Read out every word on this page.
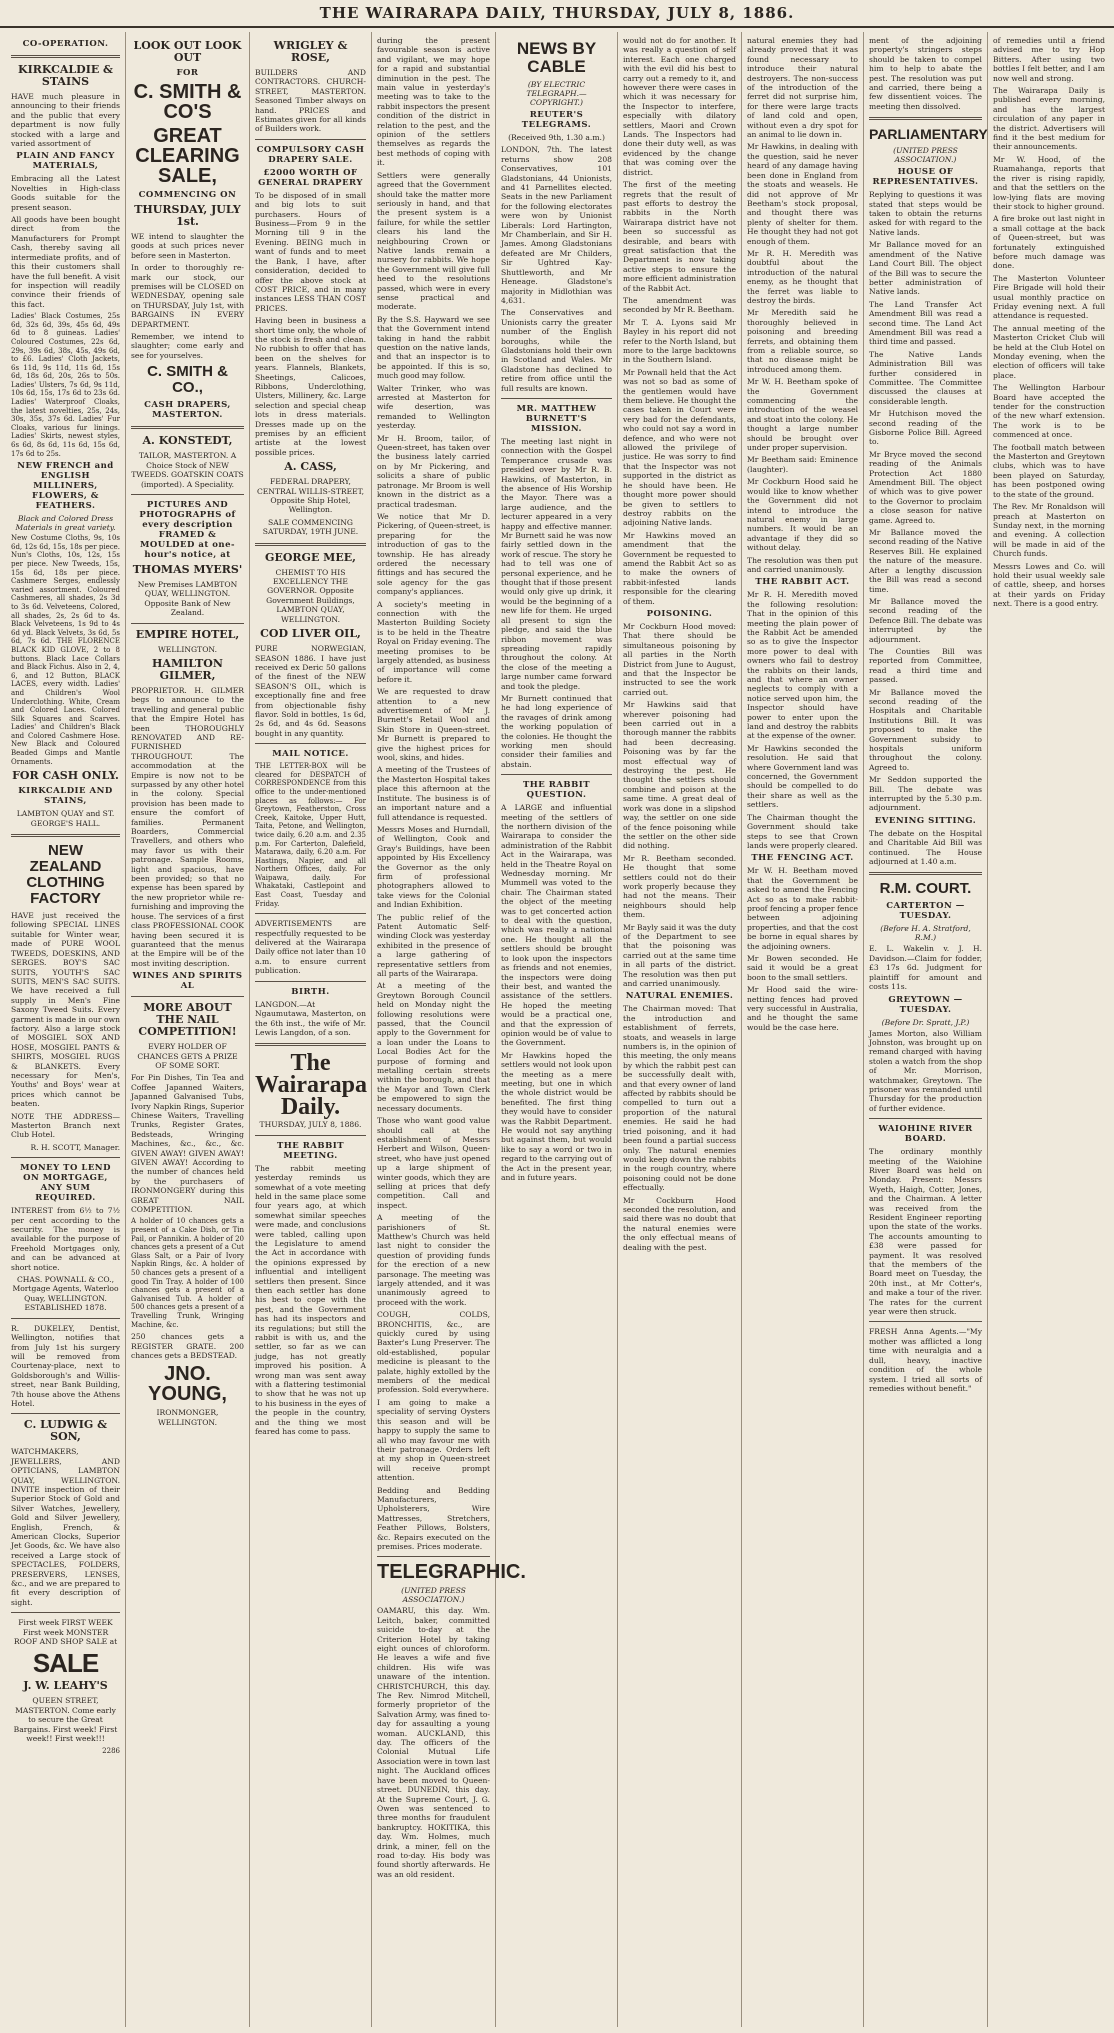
THE WAIRARAPA DAILY, THURSDAY, JULY 8, 1886.
CO-OPERATION.
KIRKCALDIE & STAINS

HAVE much pleasure in announcing to their friends and the public that every department is now fully stocked with a large and varied assortment of

PLAIN AND FANCY MATERIALS,

Embracing all the Latest Novelties in High-class Goods suitable for the present season.

All goods have been bought direct from the Manufacturers for Prompt Cash, thereby saving all intermediate profits, and of this their customers shall have the full benefit. A visit for inspection will readily convince their friends of this fact.

Ladies' Black Costumes, 25s 6d, 32s 6d, 39s, 45s 6d, 49s 6d to 8 guineas. Ladies' Coloured Costumes, 22s 6d, 29s, 39s 6d, 38s, 45s, 49s 6d, to £6. Ladies' Cloth Jackets, 6s 11d, 9s 11d, 11s 6d, 15s 6d, 18s 6d, 20s, 26s to 50s. Ladies' Ulsters, 7s 6d, 9s 11d, 10s 6d, 15s, 17s 6d to 23s 6d. Ladies' Waterproof Cloaks, the latest novelties, 25s, 24s, 30s, 35s, 37s 6d. Ladies' Fur Cloaks, various fur linings. Ladies' Skirts, newest styles, 6s 6d, 8s 6d, 11s 6d, 15s 6d, 17s 6d to 25s.

NEW FRENCH and ENGLISH MILLINERS, FLOWERS, & FEATHERS.
Black and Colored Dress Materials in great variety.

New Costume Cloths, 9s, 10s 6d, 12s 6d, 15s, 18s per piece. Nun's Cloths, 10s, 12s, 15s per piece. New Tweeds, 15s, 15s 6d, 18s per piece. Cashmere Serges, endlessly varied assortment. Coloured Cashmeres, all shades, 2s 3d to 3s 6d. Velveteens, Colored, all shades, 2s, 2s 6d to 4s. Black Velveteens, 1s 9d to 4s 6d yd. Black Velvets, 3s 6d, 5s 6d, 7s 6d. THE FLORENCE BLACK KID GLOVE, 2 to 8 buttons. Black Lace Collars and Black Fichus. Also in 2, 4, 6, and 12 Button, BLACK LACES, every width. Ladies' and Children's Wool Underclothing. White, Cream and Colored Laces. Colored Silk Squares and Scarves. Ladies' and Children's Black and Colored Cashmere Hose. New Black and Coloured Beaded Gimps and Mantle Ornaments.

FOR CASH ONLY.
KIRKCALDIE AND STAINS,

LAMBTON QUAY and ST. GEORGE'S HALL.

NEW ZEALAND CLOTHING FACTORY

HAVE just received the following SPECIAL LINES suitable for Winter wear, made of PURE WOOL TWEEDS, DOESKINS, AND SERGES. BOY'S SAC SUITS, YOUTH'S SAC SUITS, MEN'S SAC SUITS. We have received a full supply in Men's Fine Saxony Tweed Suits. Every garment is made in our own factory. Also a large stock of MOSGIEL SOX AND HOSE, MOSGIEL PANTS & SHIRTS, MOSGIEL RUGS & BLANKETS. Every necessary for Men's, Youths' and Boys' wear at prices which cannot be beaten.

NOTE THE ADDRESS— Masterton Branch next Club Hotel.

R. H. SCOTT, Manager.

MONEY TO LEND ON MORTGAGE, ANY SUM REQUIRED.

INTEREST from 6½ to 7½ per cent according to the security. The money is available for the purpose of Freehold Mortgages only, and can be advanced at short notice.

CHAS. POWNALL & CO., Mortgage Agents, Waterloo Quay, WELLINGTON. ESTABLISHED 1878.

R. DUKELEY, Dentist, Wellington, notifies that from July 1st his surgery will be removed from Courtenay-place, next to Goldsborough's and Willis-street, near Bank Building, 7th house above the Athens Hotel.

C. LUDWIG & SON,

WATCHMAKERS, JEWELLERS, AND OPTICIANS, LAMBTON QUAY, WELLINGTON. INVITE inspection of their Superior Stock of Gold and Silver Watches, Jewellery, Gold and Silver Jewellery, English, French, & American Clocks, Superior Jet Goods, &c. We have also received a Large stock of SPECTACLES, FOLDERS, PRESERVERS, LENSES, &c., and we are prepared to fit every description of sight.

First week FIRST WEEK First week MONSTER ROOF AND SHOP SALE at

SALE
J. W. LEAHY'S

QUEEN STREET, MASTERTON. Come early to secure the Great Bargains. First week! First week!! First week!!!

2286
LOOK OUT LOOK OUT
FOR
C. SMITH & CO'S
GREAT CLEARING SALE,
COMMENCING ON
THURSDAY, JULY 1st.

WE intend to slaughter the goods at such prices never before seen in Masterton.

In order to thoroughly re-mark our stock, our premises will be CLOSED on WEDNESDAY, opening sale on THURSDAY, July 1st, with BARGAINS IN EVERY DEPARTMENT.

Remember, we intend to slaughter; come early and see for yourselves.

C. SMITH & CO.,
CASH DRAPERS, MASTERTON.
A. KONSTEDT,

TAILOR, MASTERTON. A Choice Stock of NEW TWEEDS. GOATSKIN COATS (imported). A Speciality.

PICTURES AND PHOTOGRAPHS of every description FRAMED & MOULDED at one-hour's notice, at
THOMAS MYERS'

New Premises LAMBTON QUAY, WELLINGTON. Opposite Bank of New Zealand.

EMPIRE HOTEL,

WELLINGTON.

HAMILTON GILMER,

PROPRIETOR. H. GILMER begs to announce to the travelling and general public that the Empire Hotel has been THOROUGHLY RENOVATED AND RE-FURNISHED THROUGHOUT. The accommodation at the Empire is now not to be surpassed by any other hotel in the colony. Special provision has been made to ensure the comfort of families. Permanent Boarders, Commercial Travellers, and others who may favor us with their patronage. Sample Rooms, light and spacious, have been provided; so that no expense has been spared by the new proprietor while re-furnishing and improving the house. The services of a first class PROFESSIONAL COOK having been secured it is guaranteed that the menus at the Empire will be of the most inviting description.

WINES AND SPIRITS AL
MORE ABOUT THE NAIL COMPETITION!

EVERY HOLDER OF CHANCES GETS A PRIZE OF SOME SORT.

For Pin Dishes, Tin Tea and Coffee Japanned Waiters, Japanned Galvanised Tubs, Ivory Napkin Rings, Superior Chinese Waiters, Travelling Trunks, Register Grates, Bedsteads, Wringing Machines, &c., &c., &c. GIVEN AWAY! GIVEN AWAY! GIVEN AWAY! According to the number of chances held by the purchasers of IRONMONGERY during this GREAT NAIL COMPETITION.

A holder of 10 chances gets a present of a Cake Dish, or Tin Pail, or Pannikin. A holder of 20 chances gets a present of a Cut Glass Salt, or a Pair of Ivory Napkin Rings, &c. A holder of 50 chances gets a present of a good Tin Tray. A holder of 100 chances gets a present of a Galvanised Tub. A holder of 500 chances gets a present of a Travelling Trunk, Wringing Machine, &c.

250 chances gets a REGISTER GRATE. 200 chances gets a BEDSTEAD.

JNO. YOUNG,

IRONMONGER, WELLINGTON.

WRIGLEY & ROSE,

BUILDERS AND CONTRACTORS. CHURCH-STREET, MASTERTON. Seasoned Timber always on hand. PRICES and Estimates given for all kinds of Builders work.

COMPULSORY CASH DRAPERY SALE.
£2000 WORTH OF GENERAL DRAPERY

To be disposed of in small and big lots to suit purchasers. Hours of Business—From 9 in the Morning till 9 in the Evening. BEING much in want of funds and to meet the Bank, I have, after consideration, decided to offer the above stock at COST PRICE, and in many instances LESS THAN COST PRICES.

Having been in business a short time only, the whole of the stock is fresh and clean. No rubbish to offer that has been on the shelves for years. Flannels, Blankets, Sheetings, Calicoes, Ribbons, Underclothing, Ulsters, Millinery, &c. Large selection and special cheap lots in dress materials. Dresses made up on the premises by an efficient artiste at the lowest possible prices.

A. CASS,

FEDERAL DRAPERY, CENTRAL WILLIS-STREET, Opposite Ship Hotel, Wellington.

SALE COMMENCING SATURDAY, 19TH JUNE.

GEORGE MEE,

CHEMIST TO HIS EXCELLENCY THE GOVERNOR. Opposite Government Buildings, LAMBTON QUAY, WELLINGTON.

COD LIVER OIL,

PURE NORWEGIAN, SEASON 1886. I have just received ex Deric 50 gallons of the finest of the NEW SEASON'S OIL, which is exceptionally fine and free from objectionable fishy flavor. Sold in bottles, 1s 6d, 2s 6d, and 4s 6d. Seasons bought in any quantity.

MAIL NOTICE.

THE LETTER-BOX will be cleared for DESPATCH of CORRESPONDENCE from this office to the under-mentioned places as follows:— For Greytown, Featherston, Cross Creek, Kaitoke, Upper Hutt, Taita, Petone, and Wellington, twice daily, 6.20 a.m. and 2.35 p.m. For Carterton, Dalefield, Matarawa, daily, 6.20 a.m. For Hastings, Napier, and all Northern Offices, daily. For Waipawa, daily. For Whakataki, Castlepoint and East Coast, Tuesday and Friday.

ADVERTISEMENTS are respectfully requested to be delivered at the Wairarapa Daily office not later than 10 a.m. to ensure current publication.

BIRTH.

LANGDON.—At Ngaumutawa, Masterton, on the 6th inst., the wife of Mr. Lewis Langdon, of a son.

The Wairarapa Daily.

THURSDAY, JULY 8, 1886.

THE RABBIT MEETING.

The rabbit meeting yesterday reminds us somewhat of a vote meeting held in the same place some four years ago, at which somewhat similar speeches were made, and conclusions were tabled, calling upon the Legislature to amend the Act in accordance with the opinions expressed by influential and intelligent settlers then present. Since then each settler has done his best to cope with the pest, and the Government has had its inspectors and its regulations; but still the rabbit is with us, and the settler, so far as we can judge, has not greatly improved his position. A wrong man was sent away with a flattering testimonial to show that he was not up to his business in the eyes of the people in the country, and the thing we most feared has come to pass.

during the present favourable season is active and vigilant, we may hope for a rapid and substantial diminution in the pest. The main value in yesterday's meeting was to take to the rabbit inspectors the present condition of the district in relation to the pest, and the opinion of the settlers themselves as regards the best methods of coping with it.

Settlers were generally agreed that the Government should take the matter more seriously in hand, and that the present system is a failure, for while the settler clears his land the neighbouring Crown or Native lands remain a nursery for rabbits. We hope the Government will give full heed to the resolutions passed, which were in every sense practical and moderate.

By the S.S. Hayward we see that the Government intend taking in hand the rabbit question on the native lands, and that an inspector is to be appointed. If this is so, much good may follow.

Walter Trinker, who was arrested at Masterton for wife desertion, was remanded to Wellington yesterday.

Mr H. Broom, tailor, of Queen-street, has taken over the business lately carried on by Mr Pickering, and solicits a share of public patronage. Mr Broom is well known in the district as a practical tradesman.

We notice that Mr D. Pickering, of Queen-street, is preparing for the introduction of gas to the township. He has already ordered the necessary fittings and has secured the sole agency for the gas company's appliances.

A society's meeting in connection with the Masterton Building Society is to be held in the Theatre Royal on Friday evening. The meeting promises to be largely attended, as business of importance will come before it.

We are requested to draw attention to a new advertisement of Mr J. Burnett's Retail Wool and Skin Store in Queen-street. Mr Burnett is prepared to give the highest prices for wool, skins, and hides.

A meeting of the Trustees of the Masterton Hospital takes place this afternoon at the Institute. The business is of an important nature and a full attendance is requested.

Messrs Moses and Hurndall, of Wellington, Cook and Gray's Buildings, have been appointed by His Excellency the Governor as the only firm of professional photographers allowed to take views for the Colonial and Indian Exhibition.

The public relief of the Patent Automatic Self-winding Clock was yesterday exhibited in the presence of a large gathering of representative settlers from all parts of the Wairarapa.

At a meeting of the Greytown Borough Council held on Monday night the following resolutions were passed, that the Council apply to the Government for a loan under the Loans to Local Bodies Act for the purpose of forming and metalling certain streets within the borough, and that the Mayor and Town Clerk be empowered to sign the necessary documents.

Those who want good value should call at the establishment of Messrs Herbert and Wilson, Queen-street, who have just opened up a large shipment of winter goods, which they are selling at prices that defy competition. Call and inspect.

A meeting of the parishioners of St. Matthew's Church was held last night to consider the question of providing funds for the erection of a new parsonage. The meeting was largely attended, and it was unanimously agreed to proceed with the work.

COUGH, COLDS, BRONCHITIS, &c., are quickly cured by using Baxter's Lung Preserver. The old-established, popular medicine is pleasant to the palate, highly extolled by the members of the medical profession. Sold everywhere.

I am going to make a speciality of serving Oysters this season and will be happy to supply the same to all who may favour me with their patronage. Orders left at my shop in Queen-street will receive prompt attention.

Bedding and Bedding Manufacturers, Upholsterers, Wire Mattresses, Stretchers, Feather Pillows, Bolsters, &c. Repairs executed on the premises. Prices moderate.

TELEGRAPHIC.
(UNITED PRESS ASSOCIATION.)

OAMARU, this day. Wm. Leitch, baker, committed suicide to-day at the Criterion Hotel by taking eight ounces of chloroform. He leaves a wife and five children. His wife was unaware of the intention. CHRISTCHURCH, this day. The Rev. Nimrod Mitchell, formerly proprietor of the Salvation Army, was fined to-day for assaulting a young woman. AUCKLAND, this day. The officers of the Colonial Mutual Life Association were in town last night. The Auckland offices have been moved to Queen-street. DUNEDIN, this day. At the Supreme Court, J. G. Owen was sentenced to three months for fraudulent bankruptcy. HOKITIKA, this day. Wm. Holmes, much drink, a miner, fell on the road to-day. His body was found shortly afterwards. He was an old resident.

NEWS BY CABLE
(BY ELECTRIC TELEGRAPH.—COPYRIGHT.)
REUTER'S TELEGRAMS.

(Received 9th, 1.30 a.m.)

LONDON, 7th. The latest returns show 208 Conservatives, 101 Gladstonians, 44 Unionists, and 41 Parnellites elected. Seats in the new Parliament for the following electorates were won by Unionist Liberals: Lord Hartington, Mr Chamberlain, and Sir H. James. Among Gladstonians defeated are Mr Childers, Sir Ughtred Kay-Shuttleworth, and Mr Heneage. Gladstone's majority in Midlothian was 4,631.

The Conservatives and Unionists carry the greater number of the English boroughs, while the Gladstonians hold their own in Scotland and Wales. Mr Gladstone has declined to retire from office until the full results are known.

MR. MATTHEW BURNETT'S MISSION.

The meeting last night in connection with the Gospel Temperance crusade was presided over by Mr R. B. Hawkins, of Masterton, in the absence of His Worship the Mayor. There was a large audience, and the lecturer appeared in a very happy and effective manner. Mr Burnett said he was now fairly settled down in the work of rescue. The story he had to tell was one of personal experience, and he thought that if those present would only give up drink, it would be the beginning of a new life for them. He urged all present to sign the pledge, and said the blue ribbon movement was spreading rapidly throughout the colony. At the close of the meeting a large number came forward and took the pledge.

Mr Burnett continued that he had long experience of the ravages of drink among the working population of the colonies. He thought the working men should consider their families and abstain.

THE RABBIT QUESTION.

A LARGE and influential meeting of the settlers of the northern division of the Wairarapa to consider the administration of the Rabbit Act in the Wairarapa, was held in the Theatre Royal on Wednesday morning. Mr Mummell was voted to the chair. The Chairman stated the object of the meeting was to get concerted action to deal with the question, which was really a national one. He thought all the settlers should be brought to look upon the inspectors as friends and not enemies, the inspectors were doing their best, and wanted the assistance of the settlers. He hoped the meeting would be a practical one, and that the expression of opinion would be of value to the Government.

Mr Hawkins hoped the settlers would not look upon the meeting as a mere meeting, but one in which the whole district would be benefited. The first thing they would have to consider was the Rabbit Department. He would not say anything but against them, but would like to say a word or two in regard to the carrying out of the Act in the present year, and in future years.

would not do for another. It was really a question of self interest. Each one charged with the evil did his best to carry out a remedy to it, and however there were cases in which it was necessary for the Inspector to interfere, especially with dilatory settlers, Maori and Crown Lands. The Inspectors had done their duty well, as was evidenced by the change that was coming over the district.

The first of the meeting regrets that the result of past efforts to destroy the rabbits in the North Wairarapa district have not been so successful as desirable, and bears with great satisfaction that the Department is now taking active steps to ensure the more efficient administration of the Rabbit Act.

The amendment was seconded by Mr R. Beetham.

Mr T. A. Lyons said Mr Bayley in his report did not refer to the North Island, but more to the large backtowns in the Southern Island.

Mr Pownall held that the Act was not so bad as some of the gentlemen would have them believe. He thought the cases taken in Court were very bad for the defendants, who could not say a word in defence, and who were not allowed the privilege of justice. He was sorry to find that the Inspector was not supported in the district as he should have been. He thought more power should be given to settlers to destroy rabbits on the adjoining Native lands.

Mr Hawkins moved an amendment that the Government be requested to amend the Rabbit Act so as to make the owners of rabbit-infested lands responsible for the clearing of them.

POISONING.

Mr Cockburn Hood moved: That there should be simultaneous poisoning by all parties in the North District from June to August, and that the Inspector be instructed to see the work carried out.

Mr Hawkins said that wherever poisoning had been carried out in a thorough manner the rabbits had been decreasing. Poisoning was by far the most effectual way of destroying the pest. He thought the settlers should combine and poison at the same time. A great deal of work was done in a slipshod way, the settler on one side of the fence poisoning while the settler on the other side did nothing.

Mr R. Beetham seconded. He thought that some settlers could not do their work properly because they had not the means. Their neighbours should help them.

Mr Bayly said it was the duty of the Department to see that the poisoning was carried out at the same time in all parts of the district. The resolution was then put and carried unanimously.

NATURAL ENEMIES.

The Chairman moved: That the introduction and establishment of ferrets, stoats, and weasels in large numbers is, in the opinion of this meeting, the only means by which the rabbit pest can be successfully dealt with, and that every owner of land affected by rabbits should be compelled to turn out a proportion of the natural enemies. He said he had tried poisoning, and it had been found a partial success only. The natural enemies would keep down the rabbits in the rough country, where poisoning could not be done effectually.

Mr Cockburn Hood seconded the resolution, and said there was no doubt that the natural enemies were the only effectual means of dealing with the pest.

natural enemies they had already proved that it was found necessary to introduce their natural destroyers. The non-success of the introduction of the ferret did not surprise him, for there were large tracts of land cold and open, without even a dry spot for an animal to lie down in.

Mr Hawkins, in dealing with the question, said he never heard of any damage having been done in England from the stoats and weasels. He did not approve of Mr Beetham's stock proposal, and thought there was plenty of shelter for them. He thought they had not got enough of them.

Mr R. H. Meredith was doubtful about the introduction of the natural enemy, as he thought that the ferret was liable to destroy the birds.

Mr Meredith said he thoroughly believed in poisoning and breeding ferrets, and obtaining them from a reliable source, so that no disease might be introduced among them.

Mr W. H. Beetham spoke of the Government commencing the introduction of the weasel and stoat into the colony. He thought a large number should be brought over under proper supervision.

Mr Beetham said: Eminence (laughter).

Mr Cockburn Hood said he would like to know whether the Government did not intend to introduce the natural enemy in large numbers. It would be an advantage if they did so without delay.

The resolution was then put and carried unanimously.

THE RABBIT ACT.

Mr R. H. Meredith moved the following resolution: That in the opinion of this meeting the plain power of the Rabbit Act be amended so as to give the Inspector more power to deal with owners who fail to destroy the rabbits on their lands, and that where an owner neglects to comply with a notice served upon him, the Inspector should have power to enter upon the land and destroy the rabbits at the expense of the owner.

Mr Hawkins seconded the resolution. He said that where Government land was concerned, the Government should be compelled to do their share as well as the settlers.

The Chairman thought the Government should take steps to see that Crown lands were properly cleared.

THE FENCING ACT.

Mr W. H. Beetham moved that the Government be asked to amend the Fencing Act so as to make rabbit-proof fencing a proper fence between adjoining properties, and that the cost be borne in equal shares by the adjoining owners.

Mr Bowen seconded. He said it would be a great boon to the small settlers.

Mr Hood said the wire-netting fences had proved very successful in Australia, and he thought the same would be the case here.

ment of the adjoining property's stringers steps should be taken to compel him to help to abate the pest. The resolution was put and carried, there being a few dissentient voices. The meeting then dissolved.

PARLIAMENTARY
(UNITED PRESS ASSOCIATION.)
HOUSE OF REPRESENTATIVES.

Replying to questions it was stated that steps would be taken to obtain the returns asked for with regard to the Native lands.

Mr Ballance moved for an amendment of the Native Land Court Bill. The object of the Bill was to secure the better administration of Native lands.

The Land Transfer Act Amendment Bill was read a second time. The Land Act Amendment Bill was read a third time and passed.

The Native Lands Administration Bill was further considered in Committee. The Committee discussed the clauses at considerable length.

Mr Hutchison moved the second reading of the Gisborne Police Bill. Agreed to.

Mr Bryce moved the second reading of the Animals Protection Act 1880 Amendment Bill. The object of which was to give power to the Governor to proclaim a close season for native game. Agreed to.

Mr Ballance moved the second reading of the Native Reserves Bill. He explained the nature of the measure. After a lengthy discussion the Bill was read a second time.

Mr Ballance moved the second reading of the Defence Bill. The debate was interrupted by the adjournment.

The Counties Bill was reported from Committee, read a third time and passed.

Mr Ballance moved the second reading of the Hospitals and Charitable Institutions Bill. It was proposed to make the Government subsidy to hospitals uniform throughout the colony. Agreed to.

Mr Seddon supported the Bill. The debate was interrupted by the 5.30 p.m. adjournment.

EVENING SITTING.

The debate on the Hospital and Charitable Aid Bill was continued. The House adjourned at 1.40 a.m.

R.M. COURT.
CARTERTON — TUESDAY.
(Before H. A. Stratford, R.M.)

E. L. Wakelin v. J. H. Davidson.—Claim for fodder, £3 17s 6d. Judgment for plaintiff for amount and costs 11s.

GREYTOWN — TUESDAY.
(Before Dr. Spratt, J.P.)

James Morton, also William Johnston, was brought up on remand charged with having stolen a watch from the shop of Mr. Morrison, watchmaker, Greytown. The prisoner was remanded until Thursday for the production of further evidence.

WAIOHINE RIVER BOARD.

The ordinary monthly meeting of the Waiohine River Board was held on Monday. Present: Messrs Wyeth, Haigh, Cotter, Jones, and the Chairman. A letter was received from the Resident Engineer reporting upon the state of the works. The accounts amounting to £38 were passed for payment. It was resolved that the members of the Board meet on Tuesday, the 20th inst., at Mr Cotter's, and make a tour of the river. The rates for the current year were then struck.

FRESH Anna Agents.—"My mother was afflicted a long time with neuralgia and a dull, heavy, inactive condition of the whole system. I tried all sorts of remedies without benefit."

of remedies until a friend advised me to try Hop Bitters. After using two bottles I felt better, and I am now well and strong.

The Wairarapa Daily is published every morning, and has the largest circulation of any paper in the district. Advertisers will find it the best medium for their announcements.

Mr W. Hood, of the Ruamahanga, reports that the river is rising rapidly, and that the settlers on the low-lying flats are moving their stock to higher ground.

A fire broke out last night in a small cottage at the back of Queen-street, but was fortunately extinguished before much damage was done.

The Masterton Volunteer Fire Brigade will hold their usual monthly practice on Friday evening next. A full attendance is requested.

The annual meeting of the Masterton Cricket Club will be held at the Club Hotel on Monday evening, when the election of officers will take place.

The Wellington Harbour Board have accepted the tender for the construction of the new wharf extension. The work is to be commenced at once.

The football match between the Masterton and Greytown clubs, which was to have been played on Saturday, has been postponed owing to the state of the ground.

The Rev. Mr Ronaldson will preach at Masterton on Sunday next, in the morning and evening. A collection will be made in aid of the Church funds.

Messrs Lowes and Co. will hold their usual weekly sale of cattle, sheep, and horses at their yards on Friday next. There is a good entry.
